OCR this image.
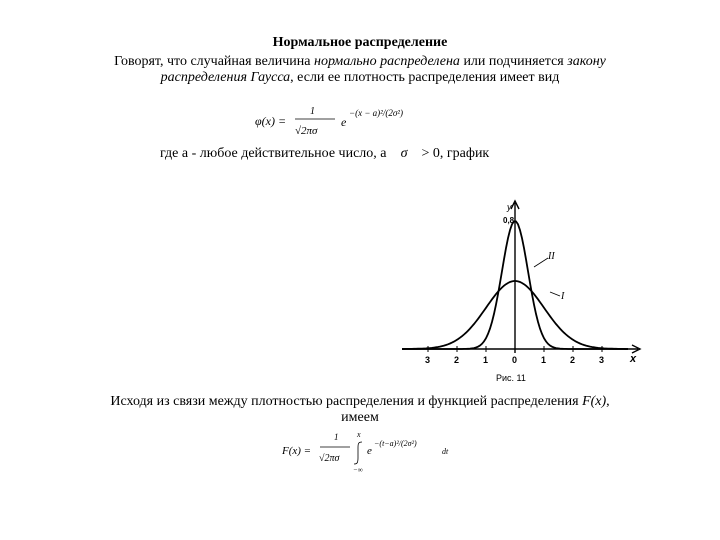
Нормальное распределение
Говорят, что случайная величина нормально распределена или подчиняется закону
распределения Гаусса, если ее плотность распределения имеет вид
φ(x) =
1
√2πσ
e
−(x − a)²/(2σ²)
где a - любое действительное число, а σ > 0, график
y
0,8
x
3	2	1	0	1	2	3
II
I
Рис. 11
Исходя из связи между плотностью распределения и функцией распределения F(x),
имеем
F(x) =
1
√2πσ
x
−∞
e
−(t−a)²/(2σ²)
dt
